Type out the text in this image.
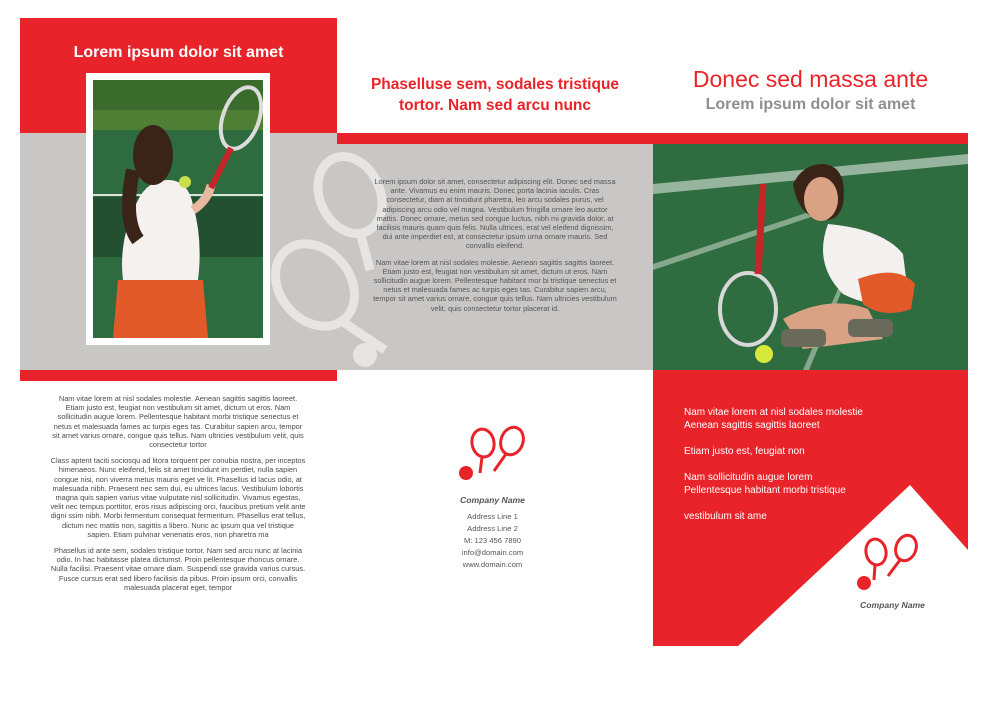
Lorem ipsum dolor sit amet

Nam vitae lorem at nisl sodales molestie. Aenean sagittis sagittis laoreet. Etiam justo est, feugiat non vestibulum sit amet, dictum ut eros. Nam sollicitudin augue lorem. Pellentesque habitant morbi tristique senectus et netus et malesuada fames ac turpis eges tas. Curabitur sapien arcu, tempor sit amet varius ornare, congue quis tellus. Nam ultricies vestibulum velit, quis consectetur tortor

Class aptent taciti sociosqu ad litora torquent per conubia nostra, per inceptos himenaeos. Nunc eleifend, felis sit amet tincidunt im perdiet, nulla sapien congue nisi, non viverra metus mauris eget ve lit. Phasellus id lacus odio, at malesuada nibh. Praesent nec sem dui, eu ultrices lacus. Vestibulum lobortis magna quis sapien varius vitae vulputate nisl sollicitudin. Vivamus egestas, velit nec tempus porttitor, eros risus adipiscing orci, faucibus pretium velit ante digni ssim nibh. Morbi fermentum consequat fermentum. Phasellus erat tellus, dictum nec mattis non, sagittis a libero. Nunc ac ipsum qua vel tristique sapien. Etiam pulvinar venenatis eros, non pharetra ma

Phasellus id ante sem, sodales tristique tortor. Nam sed arcu nunc at lacinia odio. In hac habitasse platea dictumst. Proin pellentesque rhoncus ornare. Nulla facilisi. Praesent vitae ornare diam. Suspendi sse gravida varius cursus. Fusce cursus erat sed libero facilisis da pibus. Proin ipsum orci, convallis malesuada placerat eget, tempor

Phaselluse sem, sodales tristique tortor. Nam sed arcu nunc

Lorem ipsum dolor sit amet, consectetur adipiscing elit. Donec sed massa ante. Vivamus eu enim mauris. Donec porta lacinia iaculis. Cras consectetur, diam at tincidunt pharetra, leo arcu sodales purus, vel adipiscing arcu odio vel magna. Vestibulum fringilla ornare leo auctor mattis. Donec ornare, metus sed congue luctus, nibh mi gravida dolor, at facilisis mauris quam quis felis. Nulla ultrices, erat vel eleifend dignissim, dui ante imperdiet est, at consectetur ipsum urna ornare mauris. Sed convallis eleifend.

Nam vitae lorem at nisl sodales molestie. Aenean sagittis sagittis laoreet. Etiam justo est, feugiat non vestibulum sit amet, dictum ut eros. Nam sollicitudin augue lorem. Pellentesque habitant mor bi tristique senectus et netus et malesuada fames ac turpis eges tas. Curabitur sapien arcu, tempor sit amet varius ornare, congue quis tellus. Nam ultricies vestibulum velit, quis consectetur tortor placerat id.

Company Name
Address Line 1
Address Line 2
M: 123 456 7890
info@domain.com
www.domain.com
Donec sed massa ante
Lorem ipsum dolor sit amet
Nam vitae lorem at nisl sodales molestie
Aenean sagittis sagittis laoreet
Etiam justo est, feugiat non
Nam sollicitudin augue lorem
Pellentesque habitant morbi tristique
vestibulum sit ame
Company Name
